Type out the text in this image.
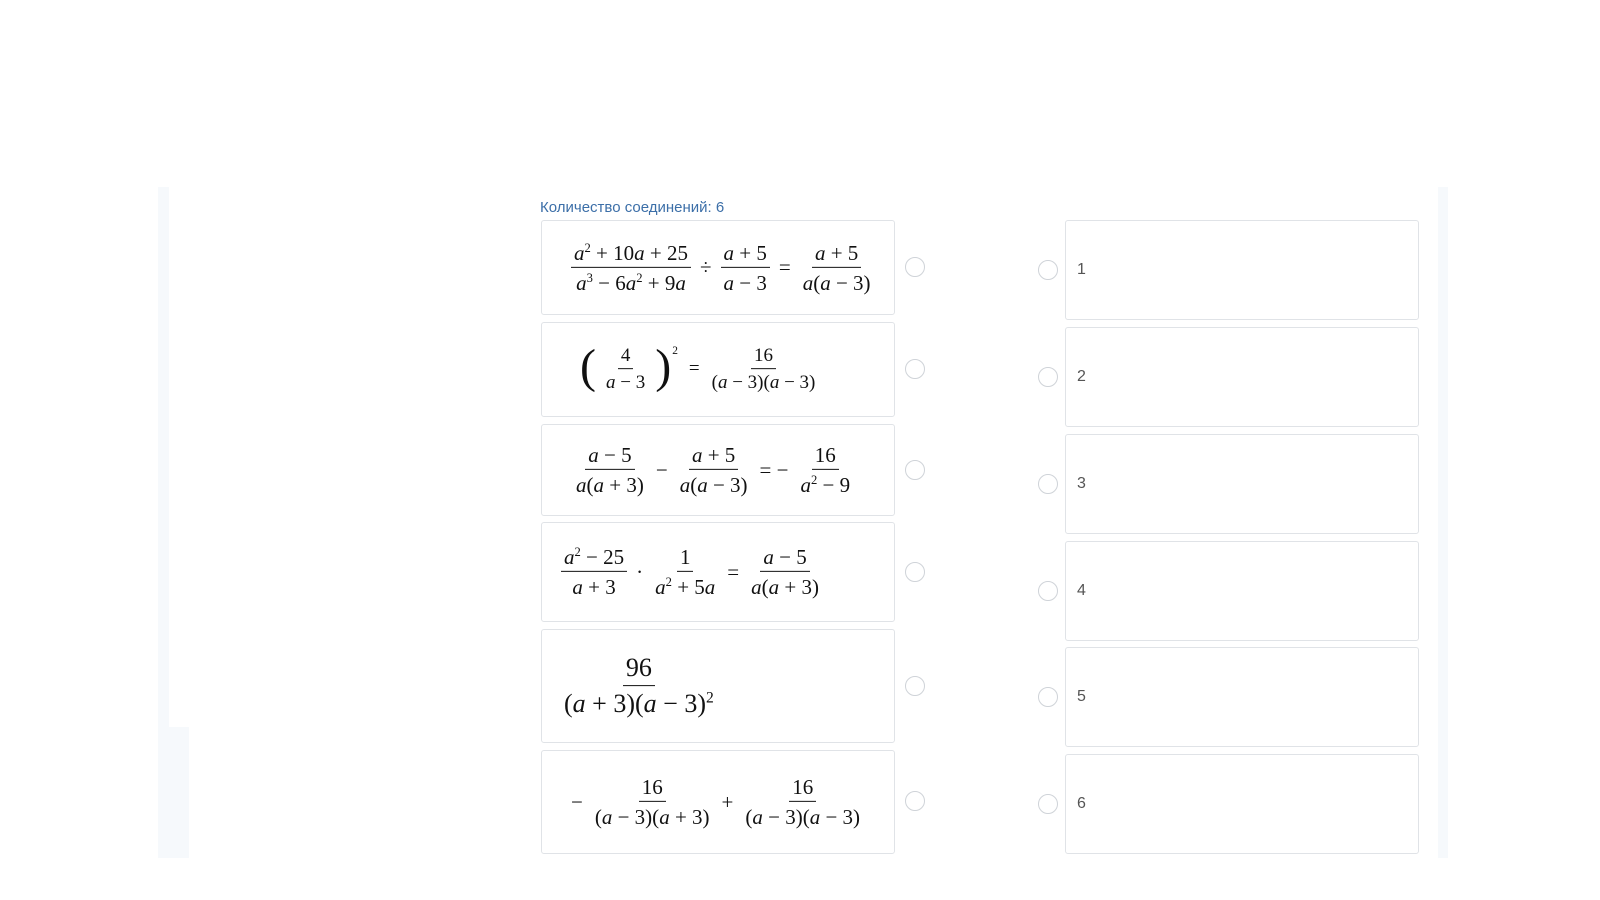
Количество соединений: 6
$\frac{a^2 + 10a + 25}{a^3 - 6a^2 + 9a} \div \frac{a + 5}{a - 3} = \frac{a + 5}{a(a - 3)}$
( $\frac{4}{a - 3} )^2$
= $\frac{16}{(a - 3)(a - 3)}$
$\frac{a - 5}{a(a + 3)} - \frac{a + 5}{a(a - 3)}$ = − $\frac{16}{a^2 - 9}$
$\frac{a^2 - 25}{a + 3} \cdot \frac{1}{a^2 + 5a} = \frac{a - 5}{a(a + 3)}$
$\frac{96}{(a + 3)(a - 3)^2}$
− $\frac{16}{(a - 3)(a + 3)} + \frac{16}{(a - 3)(a - 3)}$
1
2
3
4
5
6
